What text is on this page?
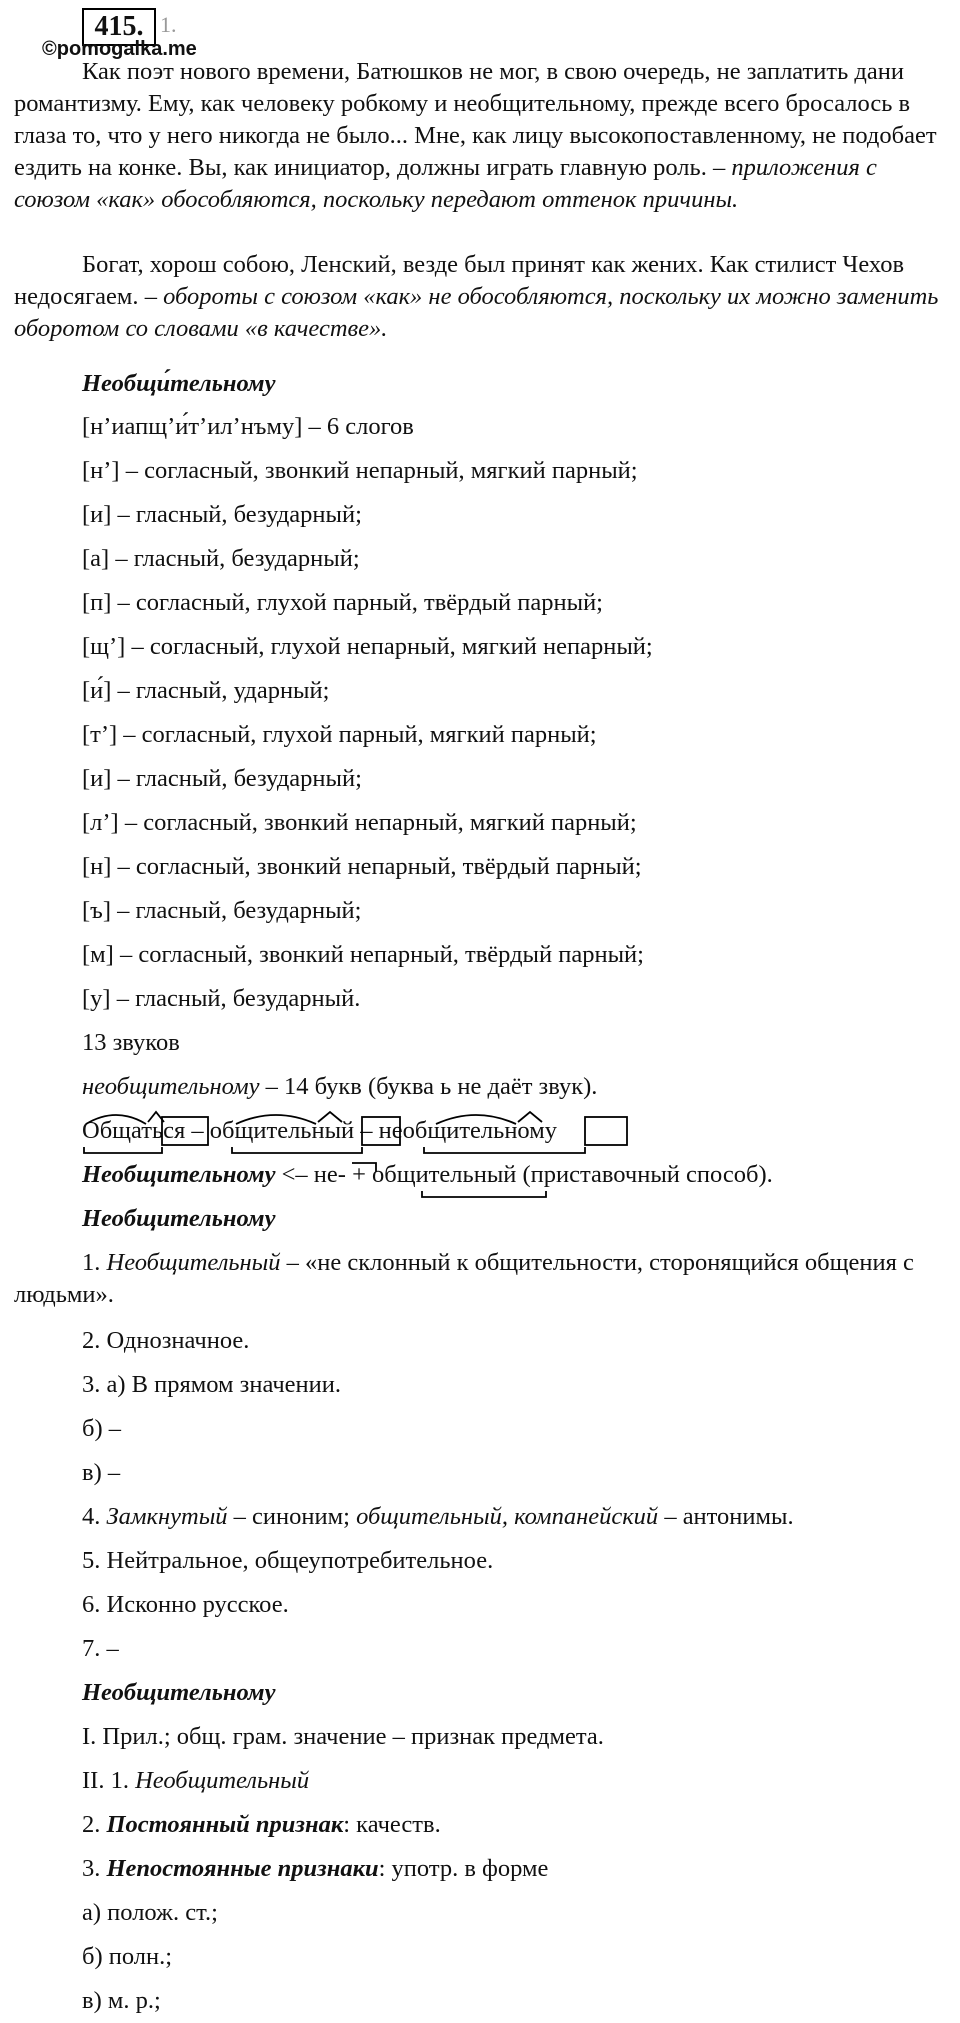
415. 1.
©pomogalka.me
Как поэт нового времени, Батюшков не мог, в свою очередь, не заплатить дани романтизму. Ему, как человеку робкому и необщительному, прежде всего бросалось в глаза то, что у него никогда не было... Мне, как лицу высокопоставленному, не подобает ездить на конке. Вы, как инициатор, должны играть главную роль. – приложения с союзом «как» обособляются, поскольку передают оттенок причины.
Богат, хорош собою, Ленский, везде был принят как жених. Как стилист Чехов недосягаем. – обороты с союзом «как» не обособляются, поскольку их можно заменить оборотом со словами «в качестве».
Необщи́тельному
[н’иапщ’и́т’ил’нъму] – 6 слогов
[н’] – согласный, звонкий непарный, мягкий парный;
[и] – гласный, безударный;
[а] – гласный, безударный;
[п] – согласный, глухой парный, твёрдый парный;
[щ’] – согласный, глухой непарный, мягкий непарный;
[и́] – гласный, ударный;
[т’] – согласный, глухой парный, мягкий парный;
[и] – гласный, безударный;
[л’] – согласный, звонкий непарный, мягкий парный;
[н] – согласный, звонкий непарный, твёрдый парный;
[ъ] – гласный, безударный;
[м] – согласный, звонкий непарный, твёрдый парный;
[у] – гласный, безударный.
13 звуков
необщительному – 14 букв (буква ь не даёт звук).
Общаться – общительный – необщительному
Необщительному <– не- + общительный (приставочный способ).
Необщительному
1. Необщительный – «не склонный к общительности, сторонящийся общения с людьми».
2. Однозначное.
3. а) В прямом значении.
б) –
в) –
4. Замкнутый – синоним; общительный, компанейский – антонимы.
5. Нейтральное, общеупотребительное.
6. Исконно русское.
7. –
Необщительному
I. Прил.; общ. грам. значение – признак предмета.
II. 1. Необщительный
2. Постоянный признак: качеств.
3. Непостоянные признаки: употр. в форме
а) полож. ст.;
б) полн.;
в) м. р.;
